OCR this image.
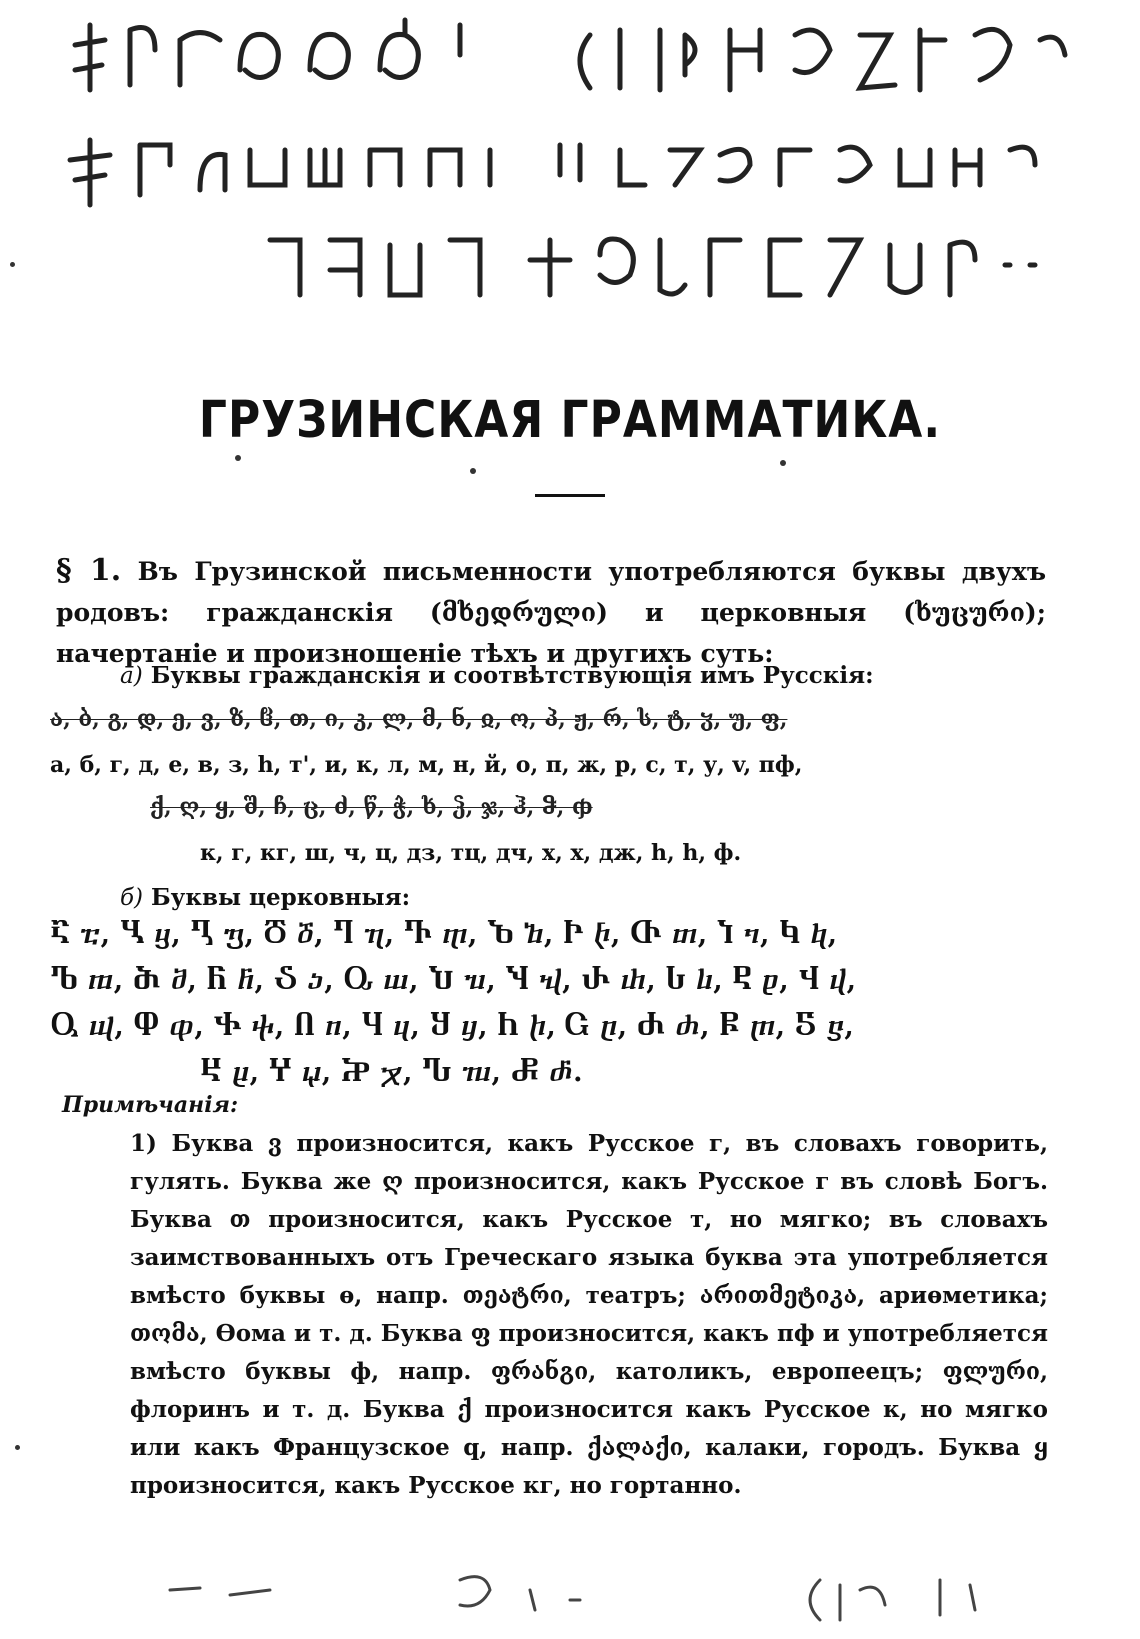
ГРУЗИНСКАЯ ГРАММАТИКА.
§ 1. Въ Грузинской письменности употребляются буквы двухъ родовъ: гражданскія (მხედრული) и церковныя (ხუცური); начертаніе и произношеніе тѣхъ и другихъ суть:
а) Буквы гражданскія и соотвѣтствующія имъ Русскія:
ა, ბ, გ, დ, ე, ვ, ზ, ჱ, თ, ი, კ, ლ, მ, ნ, ჲ, ო, პ, ჟ, რ, ს, ტ, ჳ, უ, ფ,
а, б, г, д, е, в, з, h, т', и, к, л, м, н, й, о, п, ж, р, с, т, у, v, пф,
ქ, ღ, ყ, შ, ჩ, ც, ძ, წ, ჭ, ხ, ჴ, ჯ, ჰ, ჵ, ჶ
к, г, кг, ш, ч, ц, дз, тц, дч, х, х, дж, h, h, ф.
б) Буквы церковныя:
Ⴀ ⴀ, Ⴁ ⴁ, Ⴂ ⴂ, Ⴃ ⴃ, Ⴄ ⴄ, Ⴅ ⴅ, Ⴆ ⴆ, Ⴡ ⴡ, Ⴇ ⴇ, Ⴈ ⴈ, Ⴉ ⴉ,
Ⴊ ⴊ, Ⴋ ⴋ, Ⴌ ⴌ, Ⴢ ⴢ, Ⴍ ⴍ, Ⴎ ⴎ, Ⴏ ⴏ, Ⴐ ⴐ, Ⴑ ⴑ, Ⴒ ⴒ, Ⴣ ⴣ,
Ⴓ ⴓ, Ⴔ ⴔ, Ⴕ ⴕ, Ⴖ ⴖ, Ⴗ ⴗ, Ⴘ ⴘ, Ⴙ ⴙ, Ⴚ ⴚ, Ⴛ ⴛ, Ⴜ ⴜ, Ⴝ ⴝ,
Ⴞ ⴞ, Ⴤ ⴤ, Ⴟ ⴟ, Ⴠ ⴠ, Ⴥ ⴥ.
Примѣчанія:
1) Буква ვ произносится, какъ Русское г, въ словахъ говорить, гулять. Буква же ღ произносится, какъ Русское г въ словѣ Богъ. Буква თ произносится, какъ Русское т, но мягко; въ словахъ заимствованныхъ отъ Греческаго языка буква эта употребляется вмѣсто буквы ѳ, напр. თეატრი, театръ; არითმეტიკა, ариѳметика; თომა, Ѳома и т. д. Буква ფ произносится, какъ пф и употребляется вмѣсто буквы ф, напр. ფრანგი, католикъ, европеецъ; ფლური, флоринъ и т. д. Буква ქ произносится какъ Русское к, но мягко или какъ Французское q, напр. ქალაქი, калаки, городъ. Буква ყ произносится, какъ Русское кг, но гортанно.
